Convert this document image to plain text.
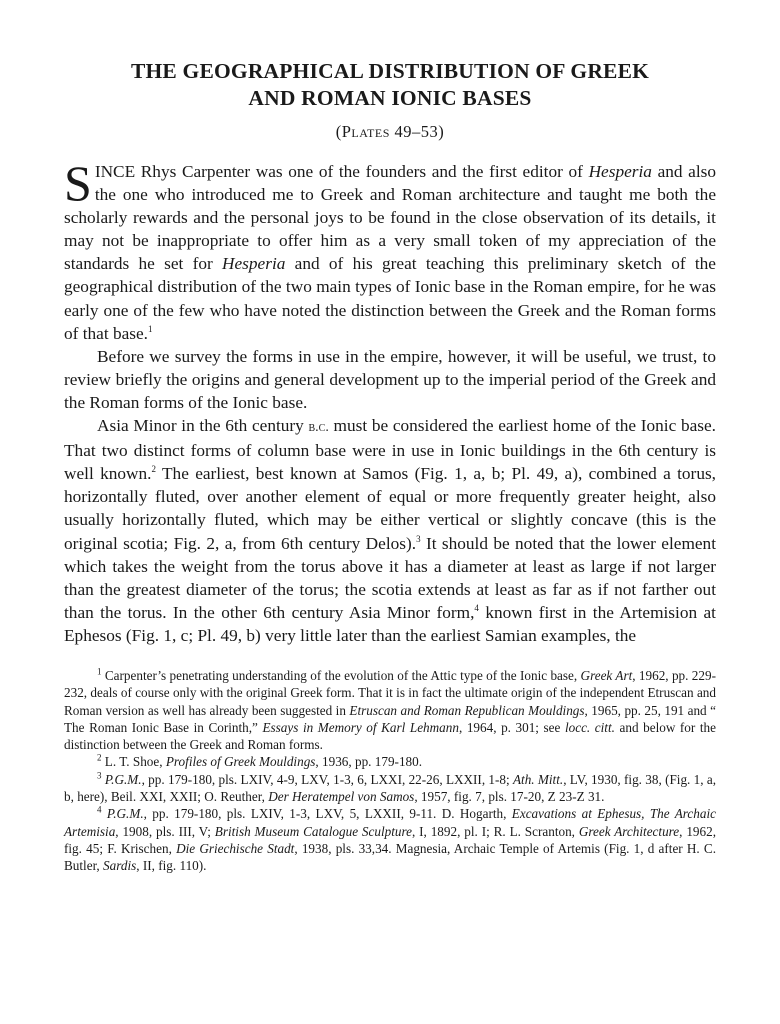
THE GEOGRAPHICAL DISTRIBUTION OF GREEK
AND ROMAN IONIC BASES
(Plates 49–53)

SINCE Rhys Carpenter was one of the founders and the first editor of Hesperia and also the one who introduced me to Greek and Roman architecture and taught me both the scholarly rewards and the personal joys to be found in the close observation of its details, it may not be inappropriate to offer him as a very small token of my appreciation of the standards he set for Hesperia and of his great teaching this preliminary sketch of the geographical distribution of the two main types of Ionic base in the Roman empire, for he was early one of the few who have noted the distinction between the Greek and the Roman forms of that base.$^1$

Before we survey the forms in use in the empire, however, it will be useful, we trust, to review briefly the origins and general development up to the imperial period of the Greek and the Roman forms of the Ionic base.

Asia Minor in the 6th century b.c. must be considered the earliest home of the Ionic base. That two distinct forms of column base were in use in Ionic buildings in the 6th century is well known.$^2$ The earliest, best known at Samos (Fig. 1, a, b; Pl. 49, a), combined a torus, horizontally fluted, over another element of equal or more frequently greater height, also usually horizontally fluted, which may be either vertical or slightly concave (this is the original scotia; Fig. 2, a, from 6th century Delos).$^3$ It should be noted that the lower element which takes the weight from the torus above it has a diameter at least as large if not larger than the greatest diameter of the torus; the scotia extends at least as far as if not farther out than the torus. In the other 6th century Asia Minor form,$^4$ known first in the Artemision at Ephesos (Fig. 1, c; Pl. 49, b) very little later than the earliest Samian examples, the

$^1$ Carpenter’s penetrating understanding of the evolution of the Attic type of the Ionic base, Greek Art, 1962, pp. 229-232, deals of course only with the original Greek form. That it is in fact the ultimate origin of the independent Etruscan and Roman version as well has already been suggested in Etruscan and Roman Republican Mouldings, 1965, pp. 25, 191 and “ The Roman Ionic Base in Corinth,” Essays in Memory of Karl Lehmann, 1964, p. 301; see locc. citt. and below for the distinction between the Greek and Roman forms.

$^2$ L. T. Shoe, Profiles of Greek Mouldings, 1936, pp. 179-180.

$^3$ P.G.M., pp. 179-180, pls. LXIV, 4-9, LXV, 1-3, 6, LXXI, 22-26, LXXII, 1-8; Ath. Mitt., LV, 1930, fig. 38, (Fig. 1, a, b, here), Beil. XXI, XXII; O. Reuther, Der Heratempel von Samos, 1957, fig. 7, pls. 17-20, Z 23-Z 31.

$^4$ P.G.M., pp. 179-180, pls. LXIV, 1-3, LXV, 5, LXXII, 9-11. D. Hogarth, Excavations at Ephesus, The Archaic Artemisia, 1908, pls. III, V; British Museum Catalogue Sculpture, I, 1892, pl. I; R. L. Scranton, Greek Architecture, 1962, fig. 45; F. Krischen, Die Griechische Stadt, 1938, pls. 33,34. Magnesia, Archaic Temple of Artemis (Fig. 1, d after H. C. Butler, Sardis, II, fig. 110).
